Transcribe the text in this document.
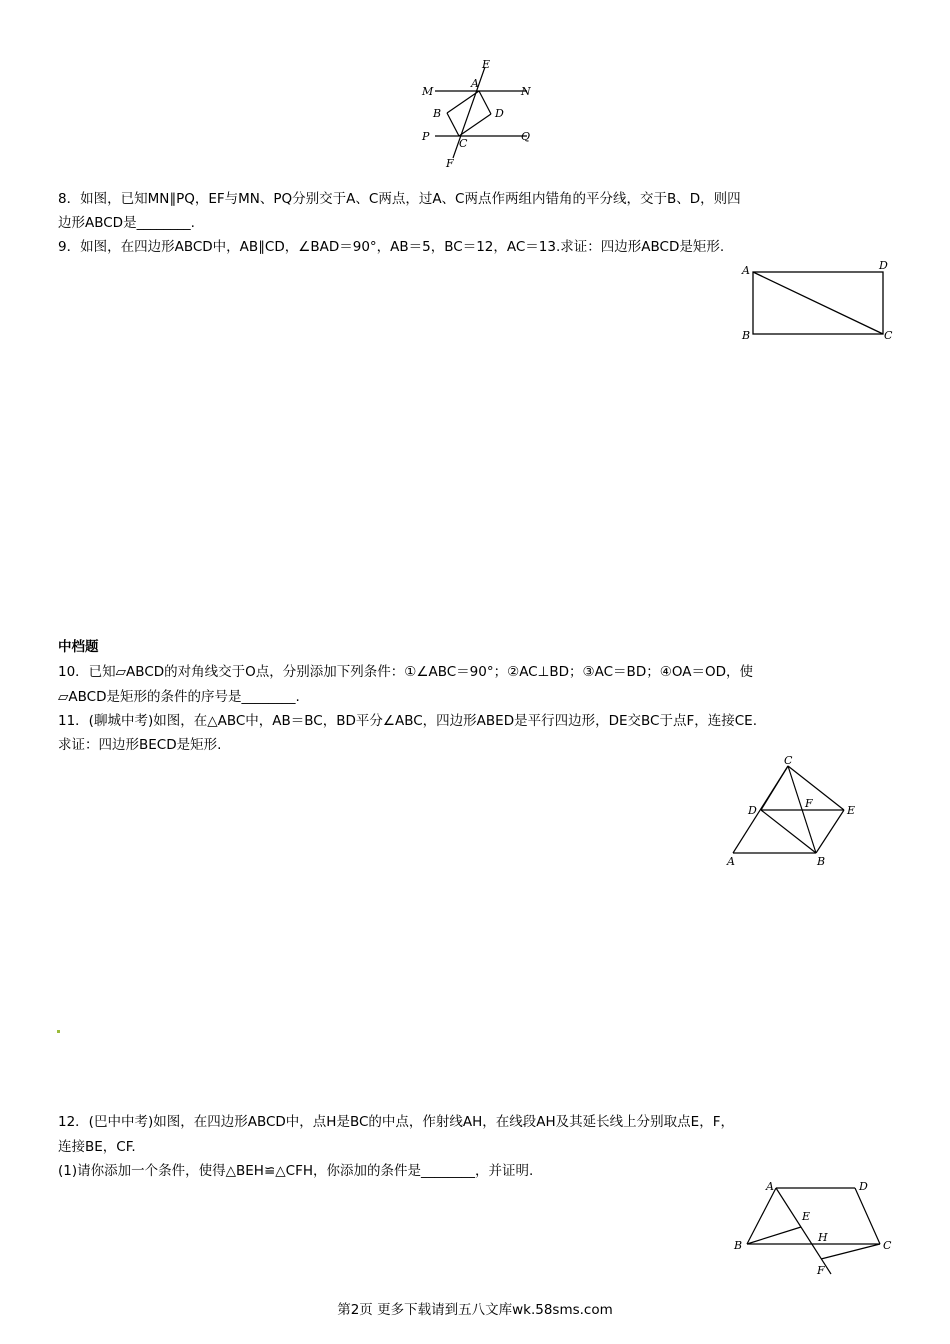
E
M
A
N
B	D
P
C
Q
F
8．如图，已知MN∥PQ，EF与MN、PQ分别交于A、C两点，过A、C两点作两组内错角的平分线，交于B、D，则四
边形ABCD是________.
9．如图，在四边形ABCD中，AB∥CD，∠BAD＝90°，AB＝5，BC＝12，AC＝13.求证：四边形ABCD是矩形.
A	D
B	C
中档题
10．已知▱ABCD的对角线交于O点，分别添加下列条件：①∠ABC＝90°；②AC⊥BD；③AC＝BD；④OA＝OD，使
▱ABCD是矩形的条件的序号是________.
11．(聊城中考)如图，在△ABC中，AB＝BC，BD平分∠ABC，四边形ABED是平行四边形，DE交BC于点F，连接CE.
求证：四边形BECD是矩形.
C
D
F
E
A	B
12．(巴中中考)如图，在四边形ABCD中，点H是BC的中点，作射线AH，在线段AH及其延长线上分别取点E，F，
连接BE，CF.
(1)请你添加一个条件，使得△BEH≌△CFH，你添加的条件是________，并证明.
A	D
E
B
H
C
F
第2页 更多下载请到五八文库wk.58sms.com
